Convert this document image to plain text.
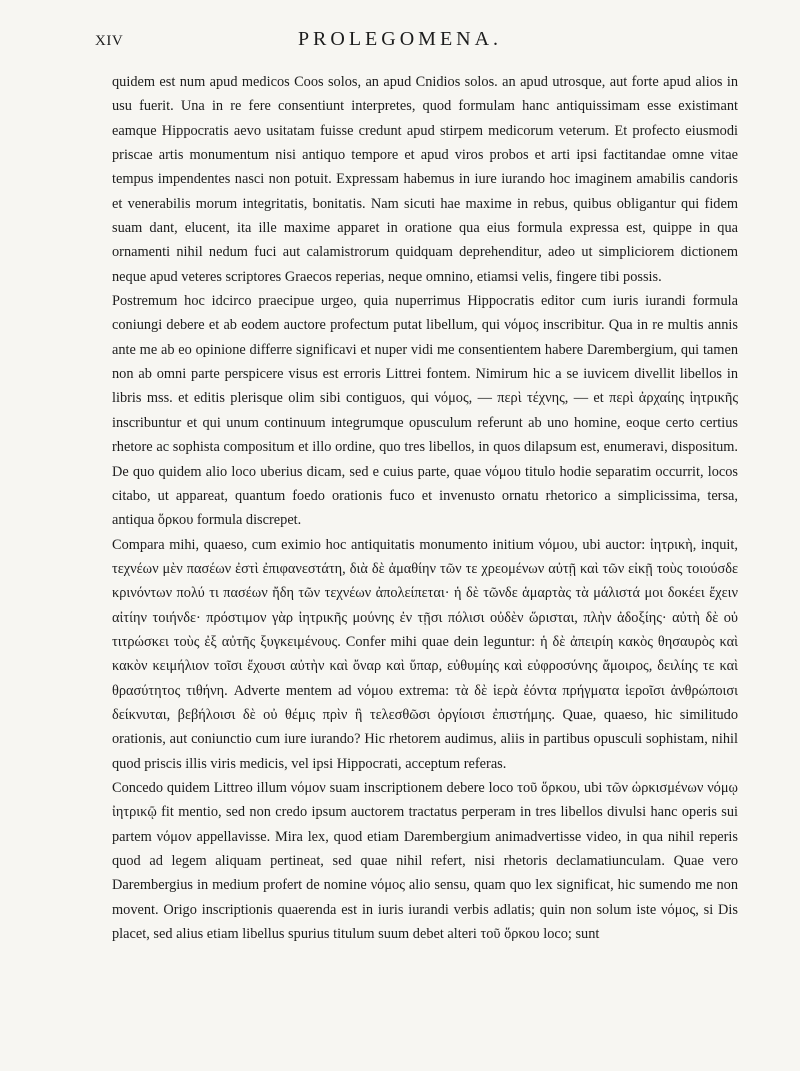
XIV	PROLEGOMENA.

quidem est num apud medicos Coos solos, an apud Cnidios solos. an apud utrosque, aut forte apud alios in usu fuerit. Una in re fere consentiunt interpretes, quod formulam hanc antiquissimam esse existimant eamque Hippocratis aevo usitatam fuisse credunt apud stirpem medicorum veterum. Et profecto eiusmodi priscae artis monumentum nisi antiquo tempore et apud viros probos et arti ipsi factitandae omne vitae tempus impendentes nasci non potuit. Expressam habemus in iure iurando hoc imaginem amabilis candoris et venerabilis morum integritatis, bonitatis. Nam sicuti hae maxime in rebus, quibus obligantur qui fidem suam dant, elucent, ita ille maxime apparet in oratione qua eius formula expressa est, quippe in qua ornamenti nihil nedum fuci aut calamistrorum quidquam deprehenditur, adeo ut simpliciorem dictionem neque apud veteres scriptores Graecos reperias, neque omnino, etiamsi velis, fingere tibi possis.

Postremum hoc idcirco praecipue urgeo, quia nuperrimus Hippocratis editor cum iuris iurandi formula coniungi debere et ab eodem auctore profectum putat libellum, qui νόμος inscribitur. Qua in re multis annis ante me ab eo opinione differre significavi et nuper vidi me consentientem habere Darembergium, qui tamen non ab omni parte perspicere visus est erroris Littrei fontem. Nimirum hic a se iuvicem divellit libellos in libris mss. et editis plerisque olim sibi contiguos, qui νόμος, — περὶ τέχνης, — et περὶ ἀρχαίης ἰητρικῆς inscribuntur et qui unum continuum integrumque opusculum referunt ab uno homine, eoque certo certius rhetore ac sophista compositum et illo ordine, quo tres libellos, in quos dilapsum est, enumeravi, dispositum. De quo quidem alio loco uberius dicam, sed e cuius parte, quae νόμου titulo hodie separatim occurrit, locos citabo, ut appareat, quantum foedo orationis fuco et invenusto ornatu rhetorico a simplicissima, tersa, antiqua ὅρκου formula discrepet.

Compara mihi, quaeso, cum eximio hoc antiquitatis monumento initium νόμου, ubi auctor: ἰητρικὴ, inquit, τεχνέων μὲν πασέων ἐστὶ ἐπιφανεστάτη, διὰ δὲ ἀμαθίην τῶν τε χρεομένων αὐτῇ καὶ τῶν εἰκῇ τοὺς τοιούσδε κρινόντων πολύ τι πασέων ἤδη τῶν τεχνέων ἀπολείπεται· ἡ δὲ τῶνδε ἁμαρτὰς τὰ μάλιστά μοι δοκέει ἔχειν αἰτίην τοιήνδε· πρόστιμον γὰρ ἰητρικῆς μούνης ἐν τῇσι πόλισι οὐδὲν ὥρισται, πλὴν ἀδοξίης· αὐτὴ δὲ οὐ τιτρώσκει τοὺς ἐξ αὐτῆς ξυγκειμένους. Confer mihi quae dein leguntur: ἡ δὲ ἀπειρίη κακὸς θησαυρὸς καὶ κακὸν κειμήλιον τοῖσι ἔχουσι αὐτὴν καὶ ὄναρ καὶ ὕπαρ, εὐθυμίης καὶ εὐφροσύνης ἄμοιρος, δειλίης τε καὶ θρασύτητος τιθήνη. Adverte mentem ad νόμου extrema: τὰ δὲ ἱερὰ ἐόντα πρήγματα ἱεροῖσι ἀνθρώποισι δείκνυται, βεβήλοισι δὲ οὐ θέμις πρὶν ἢ τελεσθῶσι ὀργίοισι ἐπιστήμης. Quae, quaeso, hic similitudo orationis, aut coniunctio cum iure iurando? Hic rhetorem audimus, aliis in partibus opusculi sophistam, nihil quod priscis illis viris medicis, vel ipsi Hippocrati, acceptum referas.

Concedo quidem Littreo illum νόμον suam inscriptionem debere loco τοῦ ὅρκου, ubi τῶν ὡρκισμένων νόμῳ ἰητρικῷ fit mentio, sed non credo ipsum auctorem tractatus perperam in tres libellos divulsi hanc operis sui partem νόμον appellavisse. Mira lex, quod etiam Darembergium animadvertisse video, in qua nihil reperis quod ad legem aliquam pertineat, sed quae nihil refert, nisi rhetoris declamatiunculam. Quae vero Darembergius in medium profert de nomine νόμος alio sensu, quam quo lex significat, hic sumendo me non movent. Origo inscriptionis quaerenda est in iuris iurandi verbis adlatis; quin non solum iste νόμος, si Dis placet, sed alius etiam libellus spurius titulum suum debet alteri τοῦ ὅρκου loco; sunt
